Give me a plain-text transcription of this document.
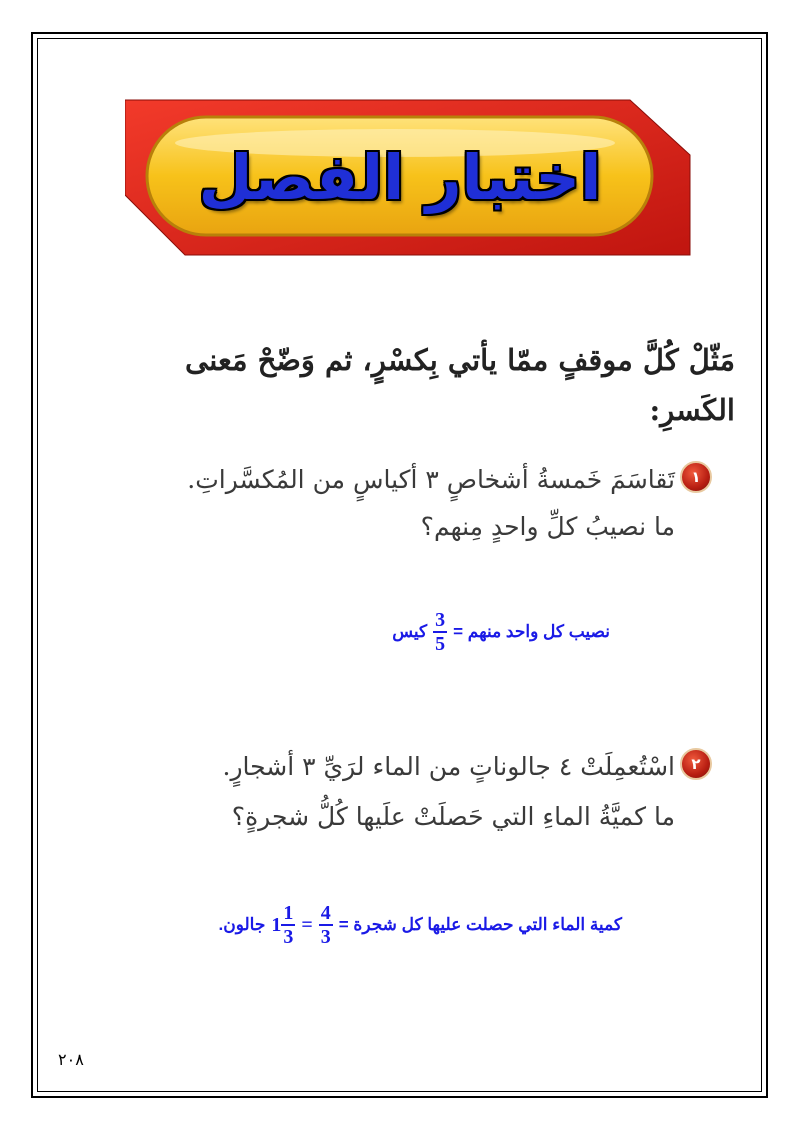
اختبار الفصل
مَثّلْ كُلَّ موقفٍ ممّا يأتي بِكسْرٍ، ثم وَضّحْ مَعنى الكَسرِ:
١
تَقاسَمَ خَمسةُ أشخاصٍ ٣ أكياسٍ من المُكسَّراتِ.
ما نصيبُ كلِّ واحدٍ مِنهم؟
نصيب كل واحد منهم =
$\frac{3}{5}$
كيس
٢
اسْتُعمِلَتْ ٤ جالوناتٍ من الماء لرَيِّ ٣ أشجارٍ.
ما كميَّةُ الماءِ التي حَصلَتْ علَيها كُلُّ شجرةٍ؟
كمية الماء التي حصلت عليها كل شجرة =
$\frac{4}{3}$
=
$1 \frac{1}{3}$
جالون.
٢٠٨
